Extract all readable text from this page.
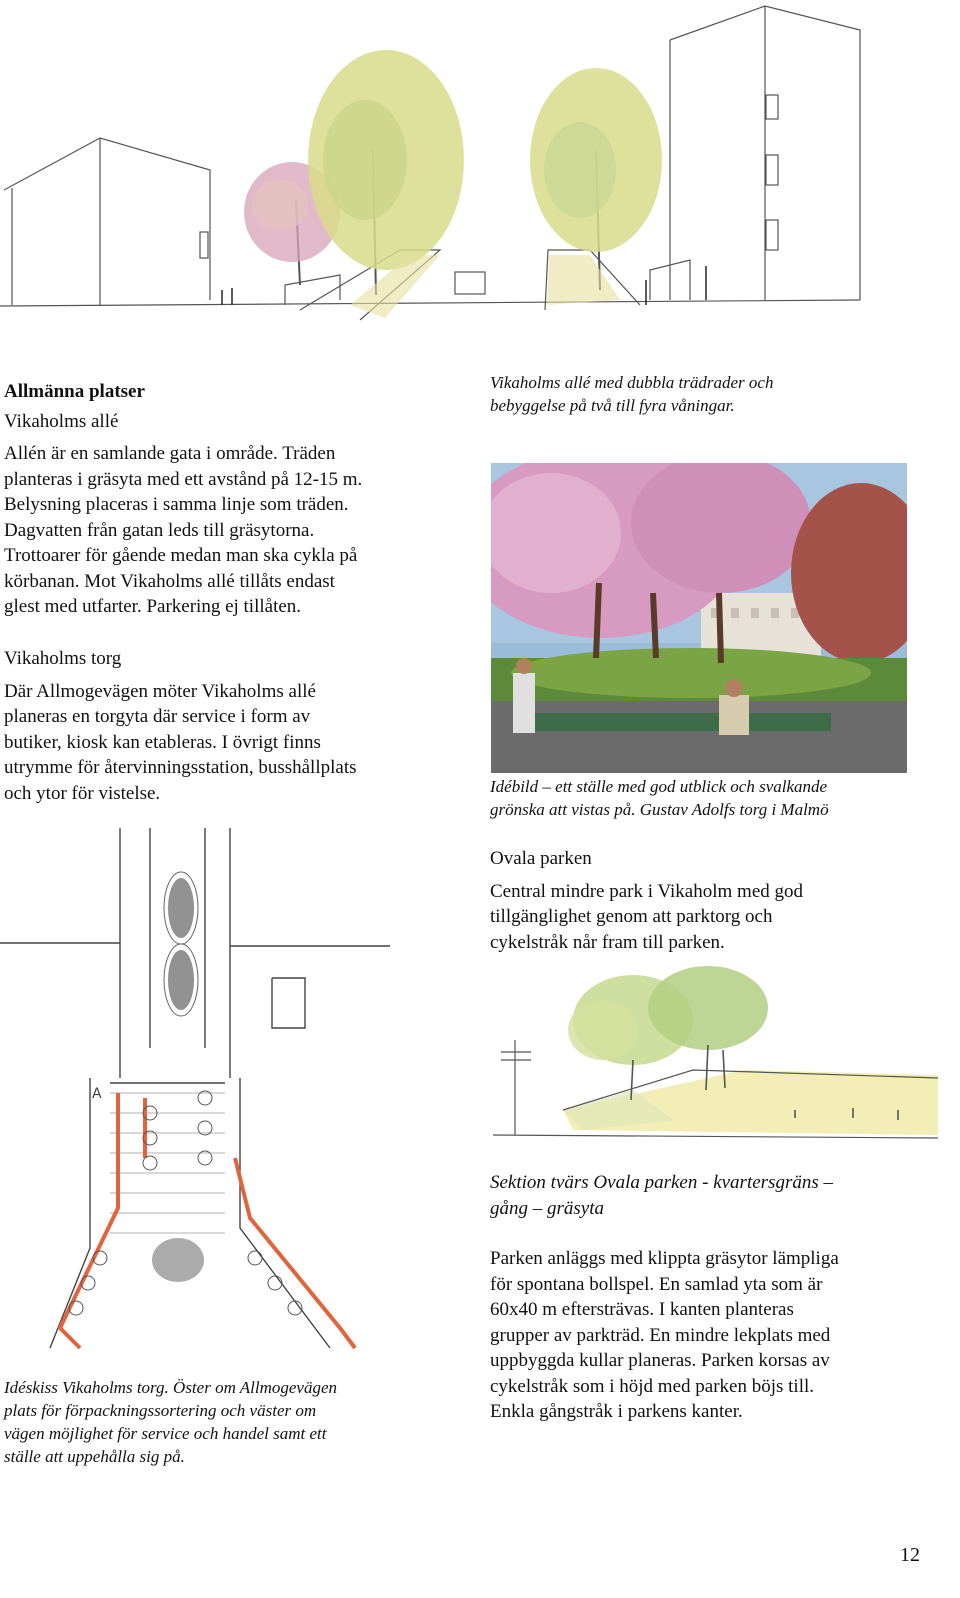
Allmänna platser

Vikaholms allé

Allén är en samlande gata i område. Träden

planteras i gräsyta med ett avstånd på 12-15 m.

Belysning placeras i samma linje som träden.

Dagvatten från gatan leds till gräsytorna.

Trottoarer för gående medan man ska cykla på

körbanan. Mot Vikaholms allé tillåts endast

glest med utfarter. Parkering ej tillåten.

Vikaholms torg

Där Allmogevägen möter Vikaholms allé

planeras en torgyta där service i form av

butiker, kiosk kan etableras. I övrigt finns

utrymme för återvinningsstation, busshållplats

och ytor för vistelse.

Vikaholms allé med dubbla trädrader och

bebyggelse på två till fyra våningar.

Idébild – ett ställe med god utblick och svalkande

grönska att vistas på. Gustav Adolfs torg i Malmö

Ovala parken

Central mindre park i Vikaholm med god

tillgänglighet genom att parktorg och

cykelstråk når fram till parken.

Sektion tvärs Ovala parken - kvartersgräns –

gång – gräsyta

Parken anläggs med klippta gräsytor lämpliga

för spontana bollspel. En samlad yta som är

60x40 m eftersträvas. I kanten planteras

grupper av parkträd. En mindre lekplats med

uppbyggda kullar planeras. Parken korsas av

cykelstråk som i höjd med parken böjs till.

Enkla gångstråk i parkens kanter.

A

Idéskiss Vikaholms torg. Öster om Allmogevägen

plats för förpackningssortering och väster om

vägen möjlighet för service och handel samt ett

ställe att uppehålla sig på.

12
